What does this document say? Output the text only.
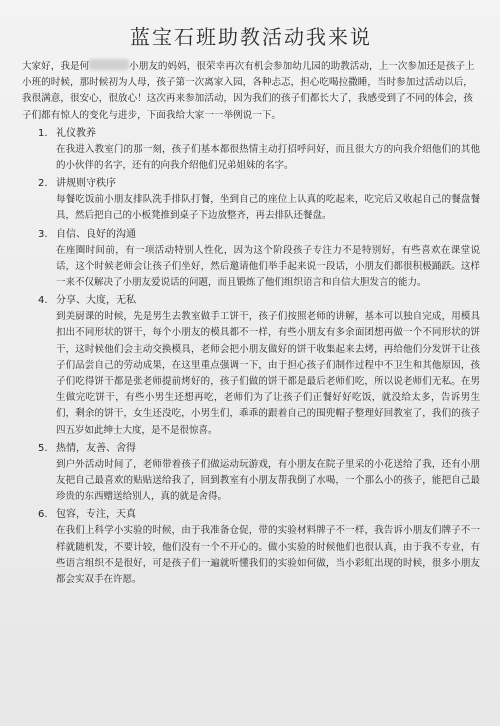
蓝宝石班助教活动我来说

大家好，我是何	小朋友的妈妈，很荣幸再次有机会参加幼儿园的助教活动，上一次参加还是孩子上小班的时候，那时候初为人母，孩子第一次离家入园，各种忐忑，担心吃喝拉撒睡，当时参加过活动以后，我很满意，很安心，很放心！这次再来参加活动，因为我们的孩子们都长大了，我感受到了不同的体会，孩子们都有惊人的变化与进步，下面我给大家一一举例说一下。

1. 礼仪教养
在我进入教室门的那一刻，孩子们基本都很热情主动打招呼问好，而且很大方的向我介绍他们的其他的小伙伴的名字，还有的向我介绍他们兄弟姐妹的名字。
2. 讲规则守秩序
每餐吃饭前小朋友排队洗手排队打餐，坐到自己的座位上认真的吃起来，吃完后又收起自己的餐盘餐具，然后把自己的小板凳推到桌子下边放整齐，再去排队还餐盘。
3. 自信、良好的沟通
在座圈时间前，有一项活动特别人性化，因为这个阶段孩子专注力不是特别好，有些喜欢在课堂说话，这个时候老师会让孩子们坐好，然后邀请他们举手起来说一段话，小朋友们都很积极踊跃。这样一来不仅解决了小朋友爱说话的问题，而且锻炼了他们组织语言和自信大胆发言的能力。
4. 分享、大度，无私
到美厨课的时候，先是男生去教室做手工饼干，孩子们按照老师的讲解，基本可以独自完成，用模具扣出不同形状的饼干，每个小朋友的模具都不一样，有些小朋友有多余面团想再做一个不同形状的饼干，这时候他们会主动交换模具，老师会把小朋友做好的饼干收集起来去烤，再给他们分发饼干让孩子们品尝自己的劳动成果，在这里重点强调一下，由于担心孩子们制作过程中不卫生和其他原因，孩子们吃得饼干都是张老师提前烤好的，孩子们做的饼干都是最后老师们吃，所以说老师们无私。在男生做完吃饼干，有些小男生还想再吃，老师们为了让孩子们正餐好好吃饭，就没给太多，告诉男生们，剩余的饼干，女生还没吃，小男生们，乖乖的跟着自己的围兜帽子整理好回教室了，我们的孩子四五岁如此绅士大度，是不是很惊喜。
5. 热情，友善、舍得
到户外活动时间了，老师带着孩子们做运动玩游戏，有小朋友在院子里采的小花送给了我，还有小朋友把自己最喜欢的贴贴送给我了，回到教室有小朋友帮我倒了水喝，一个那么小的孩子，能把自己最珍贵的东西赠送给别人，真的就是舍得。
6. 包容，专注，天真
在我们上科学小实验的时候，由于我准备仓促，带的实验材料牌子不一样，我告诉小朋友们牌子不一样就随机发，不要计较，他们没有一个不开心的。做小实验的时候他们也很认真，由于我不专业，有些语言组织不是很好，可是孩子们一遍就听懂我们的实验如何做，当小彩虹出现的时候，很多小朋友都会实双手在许愿。
